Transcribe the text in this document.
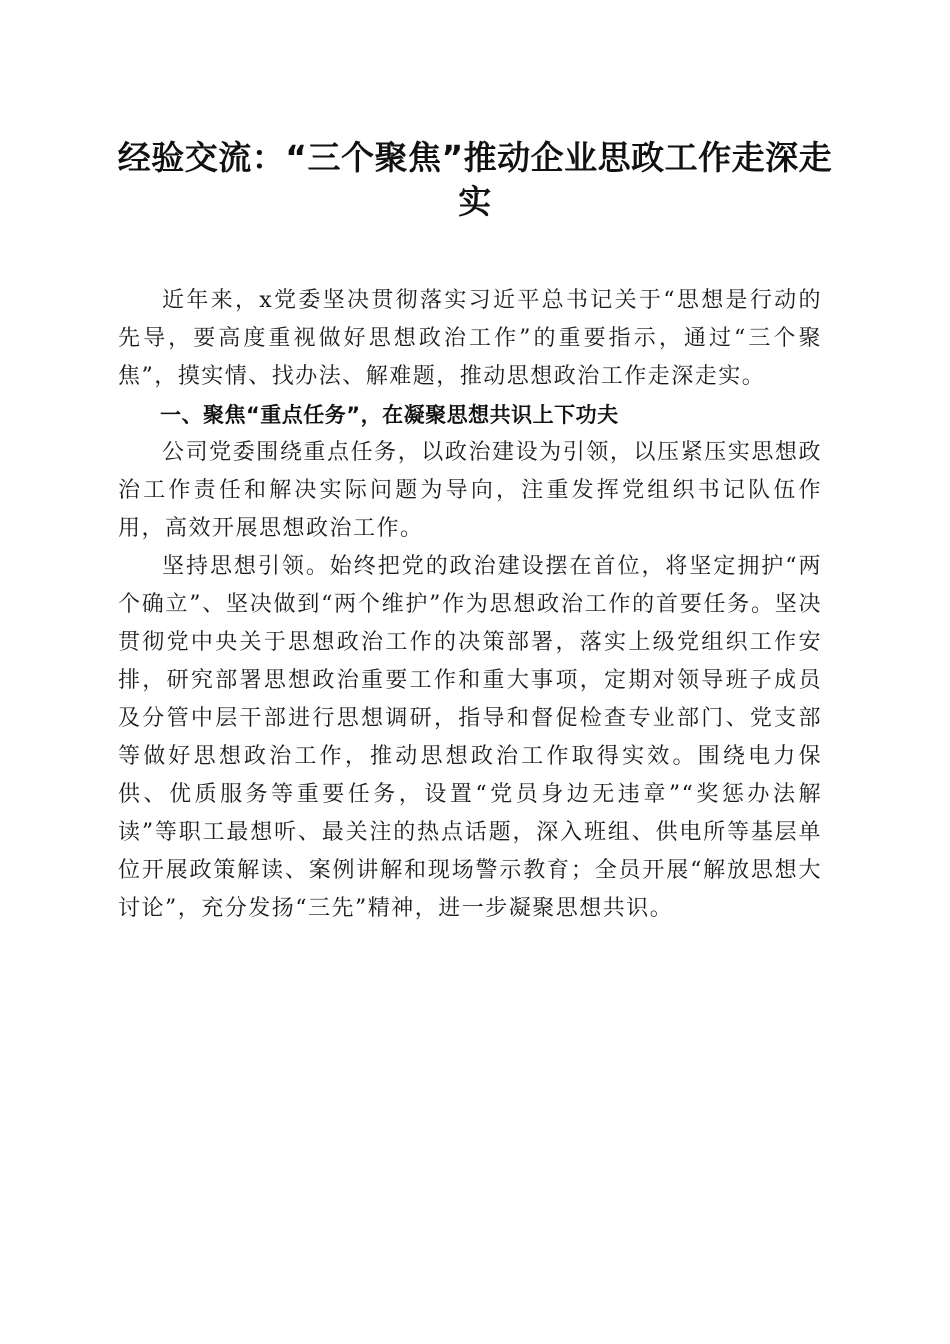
经验交流：“三个聚焦”推动企业思政工作走深走实

近年来，x党委坚决贯彻落实习近平总书记关于“思想是行动的先导，要高度重视做好思想政治工作”的重要指示，通过“三个聚焦”，摸实情、找办法、解难题，推动思想政治工作走深走实。

一、聚焦“重点任务”，在凝聚思想共识上下功夫

公司党委围绕重点任务，以政治建设为引领，以压紧压实思想政治工作责任和解决实际问题为导向，注重发挥党组织书记队伍作用，高效开展思想政治工作。

坚持思想引领。始终把党的政治建设摆在首位，将坚定拥护“两个确立”、坚决做到“两个维护”作为思想政治工作的首要任务。坚决贯彻党中央关于思想政治工作的决策部署，落实上级党组织工作安排，研究部署思想政治重要工作和重大事项，定期对领导班子成员及分管中层干部进行思想调研，指导和督促检查专业部门、党支部等做好思想政治工作，推动思想政治工作取得实效。围绕电力保供、优质服务等重要任务，设置“党员身边无违章”“奖惩办法解读”等职工最想听、最关注的热点话题，深入班组、供电所等基层单位开展政策解读、案例讲解和现场警示教育；全员开展“解放思想大讨论”，充分发扬“三先”精神，进一步凝聚思想共识。
